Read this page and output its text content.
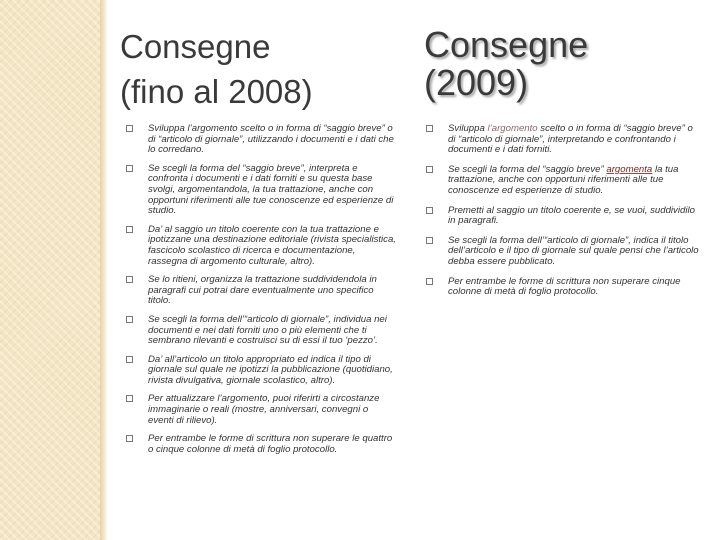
Consegne
(fino al 2008)
Consegne
(2009)
Sviluppa l’argomento scelto o in forma di “saggio breve” o di “articolo di giornale”, utilizzando i documenti e i dati che lo corredano.
Se scegli la forma del “saggio breve”, interpreta e confronta i documenti e i dati forniti e su questa base svolgi, argomentandola, la tua trattazione, anche con opportuni riferimenti alle tue conoscenze ed esperienze di studio.
Da’ al saggio un titolo coerente con la tua trattazione e ipotizzane una destinazione editoriale (rivista specialistica, fascicolo scolastico di ricerca e documentazione, rassegna di argomento culturale, altro).
Se lo ritieni, organizza la trattazione suddividendola in paragrafi cui potrai dare eventualmente uno specifico titolo.
Se scegli la forma dell’“articolo di giornale”, individua nei documenti e nei dati forniti uno o più elementi che ti sembrano rilevanti e costruisci su di essi il tuo ‘pezzo’.
Da’ all’articolo un titolo appropriato ed indica il tipo di giornale sul quale ne ipotizzi la pubblicazione (quotidiano, rivista divulgativa, giornale scolastico, altro).
Per attualizzare l’argomento, puoi riferirti a circostanze immaginarie o reali (mostre, anniversari, convegni o eventi di rilievo).
Per entrambe le forme di scrittura non superare le quattro o cinque colonne di metà di foglio protocollo.
Sviluppa l’argomento scelto o in forma di “saggio breve” o di “articolo di giornale”, interpretando e confrontando i documenti e i dati forniti.
Se scegli la forma del “saggio breve” argomenta la tua trattazione, anche con opportuni riferimenti alle tue conoscenze ed esperienze di studio.
Premetti al saggio un titolo coerente e, se vuoi, suddividilo in paragrafi.
Se scegli la forma dell’“articolo di giornale”, indica il titolo dell’articolo e il tipo di giornale sul quale pensi che l’articolo debba essere pubblicato.
Per entrambe le forme di scrittura non superare cinque colonne di metà di foglio protocollo.
